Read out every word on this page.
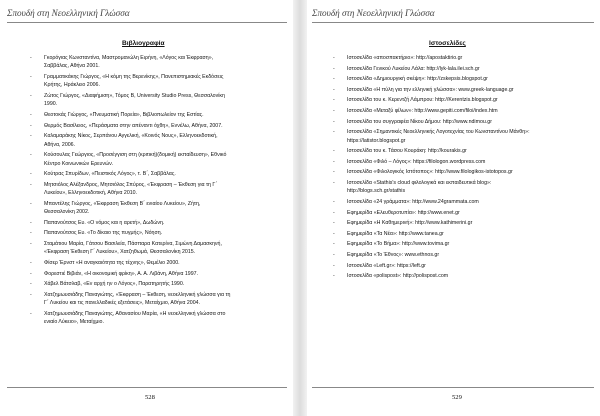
Σπουδή στη Νεοελληνική Γλώσσα
Βιβλιογραφία
- Γκορόγιας Κωνσταντίνα, Μαστρομανώλη Ειρήνη, «Λόγος και Έκφραση»,
Σαββάλας, Αθήνα 2001.
- Γραμματικάκης Γιώργος, «Η κόμη της Βερενίκης», Πανεπιστημιακές Εκδόσεις
Κρήτης, Ηράκλειο 2006.
- Ζώτος Γιώργος, «Διαφήμιση», Τόμος Β, University Studio Press, Θεσσαλονίκη
1990.
- Θεοτοκάς Γιώργος, «Πνευματική Πορεία», Βιβλιοπωλείον της Εστίας.
- Θερμός Βασίλειος, «Περάσματα στην απέναντι όχθη», Εννέλω, Αθήνα, 2007.
- Καλαμαράκης Νίκος, Σερπάνου Αγγελική, «Κοινός Νους», Ελληνοεκδοτική,
Αθήνα, 2006.
- Κούσουλας Γεώργιος, «Προσέγγιση στη (κριτική)(δομική) εκπαίδευση», Εθνικό
Κέντρο Κοινωνικών Ερευνών.
- Κούτρας Σπυρίδων, «Πειστικός Λόγος», τ. Β΄, Σαββάλας.
- Μητσιόλος Αλέξανδρος, Μητσιόλος Σπύρος, «Έκφραση – Έκθεση για τη Γ΄
Λυκείου», Ελληνοεκδοτική, Αθήνα 2010.
- Μπαντέλης Γιώργος, «Έκφραση Έκθεση Β΄ ενιαίου Λυκείου», Ζήτη,
Θεσσαλονίκη 2002.
- Παπανούτσος Ευ. «Ο νόμος και η αρετή», Δωδώνη.
- Παπανούτσος Ευ. «Το δίκαιο της πυγμής», Νόηση.
- Σταμάτιου Μαρία, Γάτσου Βασιλεία, Πάσπαρα Κατερίνα, Σιμώνη Δαμασκηνή,
«Έκφραση Έκθεση Γ΄ Λυκείου», Χατζηθωμά, Θεσσαλονίκη 2015.
- Φίσερ Έρνστ «Η αναγκαιότητα της τέχνης», Θεμέλιο 2000.
- Φορεστιέ Βιβιάν, «Η οικονομική φρίκη», Α. Α. Λιβάνη, Αθήνα 1997.
- Χάβελ Βάτσλαβ, «Εν αρχή ην ο Λόγος», Παρατηρητής 1990.
- Χατζημωυσιάδης Παναγιώτης, «Έκφραση – Έκθεση, νεοελληνική γλώσσα για τη
Γ΄ Λυκείου και τις πανελλαδικές εξετάσεις», Μεταίχμιο, Αθήνα 2004.
- Χατζημωυσιάδης Παναγιώτης, Αθανασίου Μαρία, «Η νεοελληνική γλώσσα στο
ενιαίο Λύκειο», Μεταίχμιο.
528
Σπουδή στη Νεοελληνική Γλώσσα
Ιστοσελίδες
- Ιστοσελίδα «αποσπακτήριο»: http://apostaktirio.gr
- Ιστοσελίδα Γενικού Λυκείου Λάλα: http://lyk-lala.ilei.sch.gr
- Ιστοσελίδα «Δημιουργική σκέψη»: http://zskepsis.blogspot.gr
- Ιστοσελίδα «Η πύλη για την ελληνική γλώσσα»: www.greek-language.gr
- Ιστοσελίδα του κ. Κερεντζή Λάμπρου: http://Kerentzis.blogspot.gr
- Ιστοσελίδα «Μεταξύ φίλων»: http://www.gepiti.com/filoi/index.htm
- Ιστοσελίδα του συγγραφέα Νίκου Δήμου: http://www.ndimou.gr
- Ιστοσελίδα «Σημαντικές Νεοελληνικής Λογοτεχνίας του Κωνσταντίνου Μάνθη»:
https://latistor.blogspot.gr
- Ιστοσελίδα του κ. Τάσου Κουράκη: http://kourakis.gr
- Ιστοσελίδα «Φιλό – Λόγος»: https://filologon.wordpress.com
- Ιστοσελίδα «Φιλολογικός Ιστότοπος»: http://www.filologikos-istotopos.gr
- Ιστοσελίδα «Stathis's cloud φιλολογικά και εκπαιδευτικά blog»:
http://blogs.sch.gr/stathis
- Ιστοσελίδα «24 γράμματα»: http://www.24grammata.com
- Εφημερίδα «Ελευθεροτυπία»: http://www.enet.gr
- Εφημερίδα «Η Καθημερινή»: http://www.kathimerini.gr
- Εφημερίδα «Τα Νέα»: http://www.tanea.gr
- Εφημερίδα «Το Βήμα»: http://www.tovima.gr
- Εφημερίδα «Το Έθνος»: www.ethnos.gr
- Ιστοσελίδα «Left.gr»: https://left.gr
- Ιστοσελίδα «polispost»: http://polispost.com
529
